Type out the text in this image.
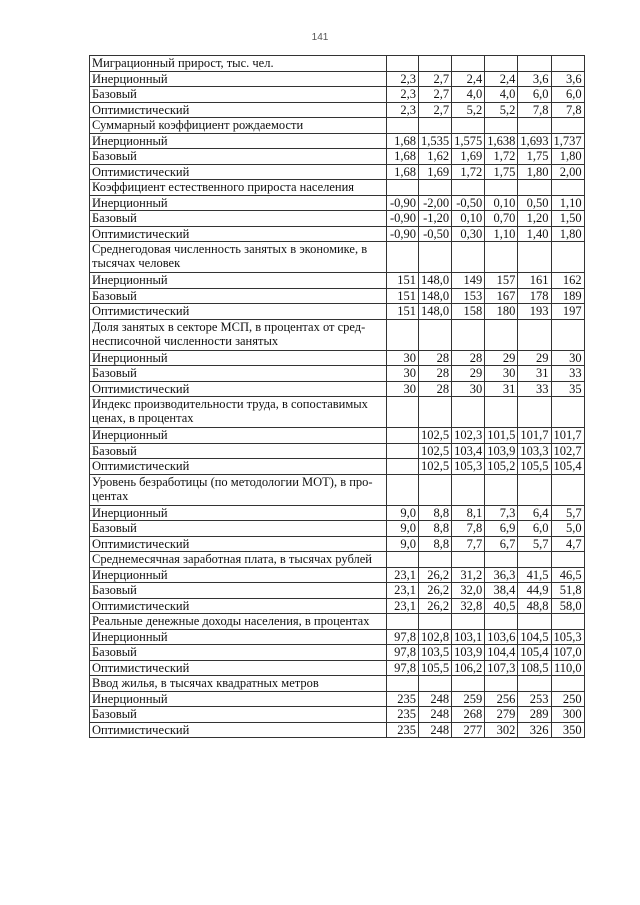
141
Миграционный прирост, тыс. чел.						
Инерционный	2,3	2,7	2,4	2,4	3,6	3,6
Базовый	2,3	2,7	4,0	4,0	6,0	6,0
Оптимистический	2,3	2,7	5,2	5,2	7,8	7,8
Суммарный коэффициент рождаемости						
Инерционный	1,68	1,535	1,575	1,638	1,693	1,737
Базовый	1,68	1,62	1,69	1,72	1,75	1,80
Оптимистический	1,68	1,69	1,72	1,75	1,80	2,00
Коэффициент естественного прироста населения						
Инерционный	-0,90	-2,00	-0,50	0,10	0,50	1,10
Базовый	-0,90	-1,20	0,10	0,70	1,20	1,50
Оптимистический	-0,90	-0,50	0,30	1,10	1,40	1,80
Среднегодовая численность занятых в экономике, в тысячах человек						
Инерционный	151	148,0	149	157	161	162
Базовый	151	148,0	153	167	178	189
Оптимистический	151	148,0	158	180	193	197
Доля занятых в секторе МСП, в процентах от сред- несписочной численности занятых						
Инерционный	30	28	28	29	29	30
Базовый	30	28	29	30	31	33
Оптимистический	30	28	30	31	33	35
Индекс производительности труда, в сопоставимых ценах, в процентах						
Инерционный		102,5	102,3	101,5	101,7	101,7
Базовый		102,5	103,4	103,9	103,3	102,7
Оптимистический		102,5	105,3	105,2	105,5	105,4
Уровень безработицы (по методологии МОТ), в про- центах						
Инерционный	9,0	8,8	8,1	7,3	6,4	5,7
Базовый	9,0	8,8	7,8	6,9	6,0	5,0
Оптимистический	9,0	8,8	7,7	6,7	5,7	4,7
Среднемесячная заработная плата, в тысячах рублей						
Инерционный	23,1	26,2	31,2	36,3	41,5	46,5
Базовый	23,1	26,2	32,0	38,4	44,9	51,8
Оптимистический	23,1	26,2	32,8	40,5	48,8	58,0
Реальные денежные доходы населения, в процентах						
Инерционный	97,8	102,8	103,1	103,6	104,5	105,3
Базовый	97,8	103,5	103,9	104,4	105,4	107,0
Оптимистический	97,8	105,5	106,2	107,3	108,5	110,0
Ввод жилья, в тысячах квадратных метров						
Инерционный	235	248	259	256	253	250
Базовый	235	248	268	279	289	300
Оптимистический	235	248	277	302	326	350
